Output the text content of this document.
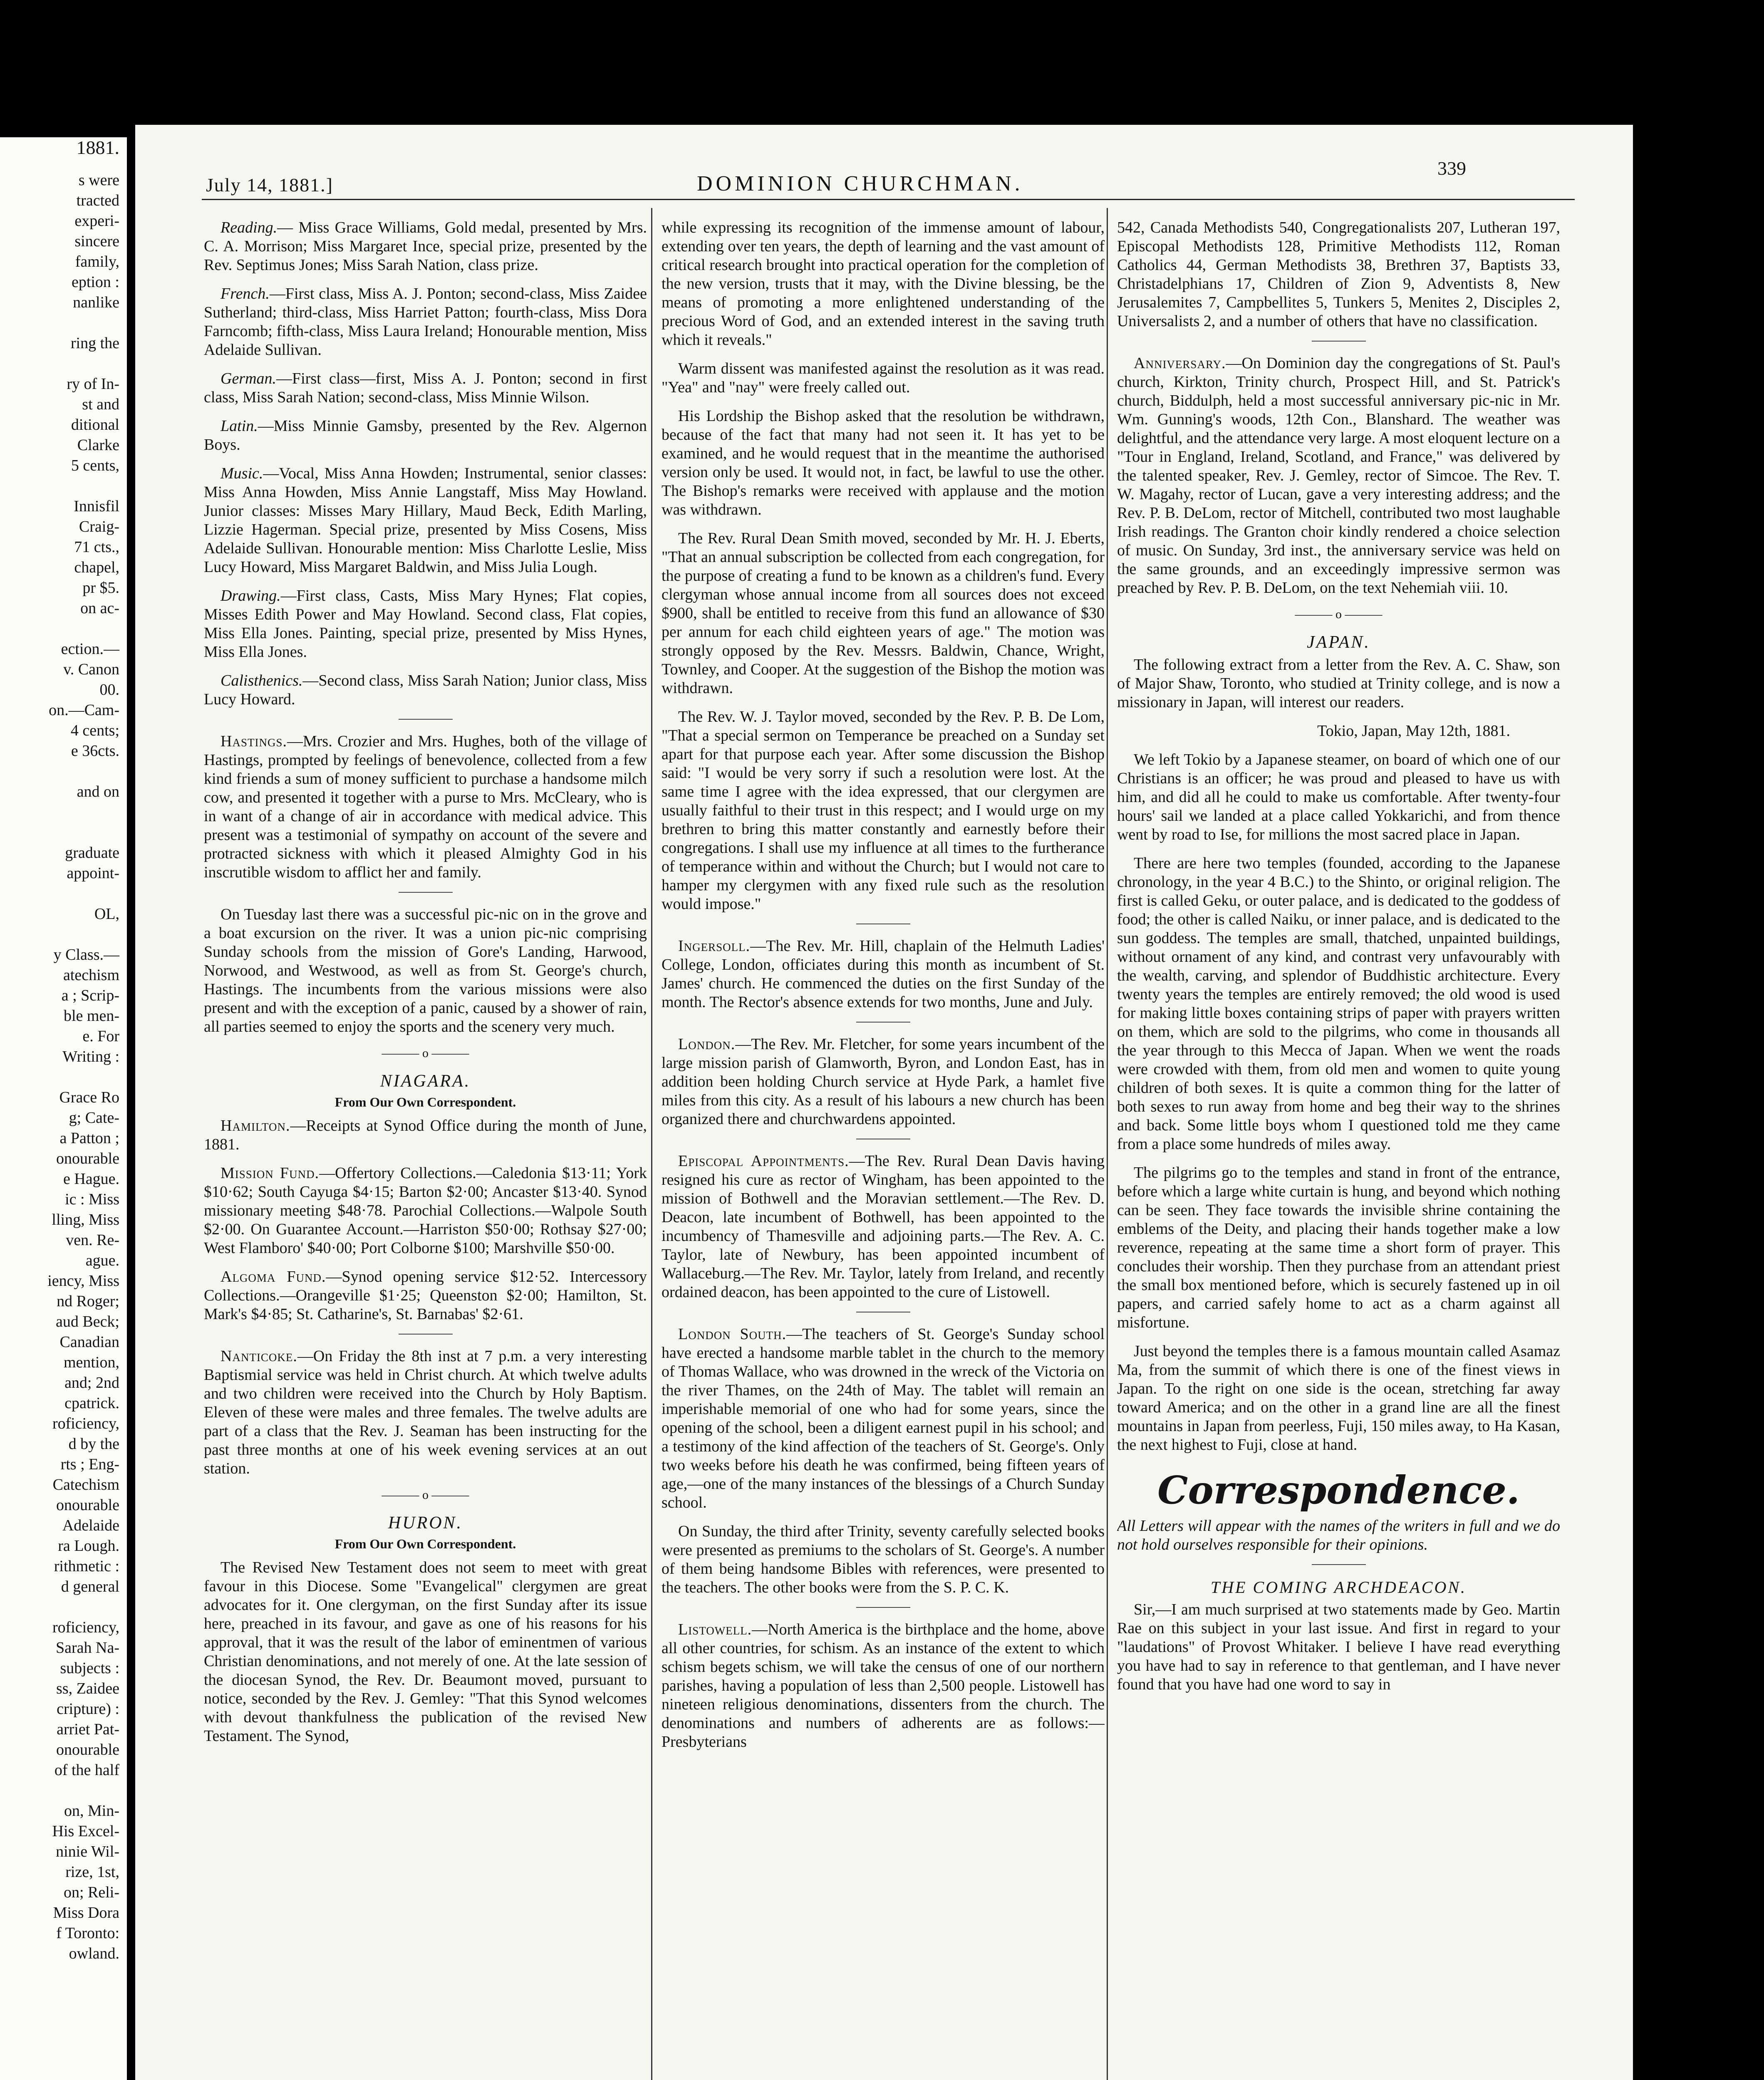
1881.

s were

tracted

experi-

sincere

family,

eption :

nanlike

ring the

ry of In-

st and

ditional

Clarke

5 cents,

Innisfil

Craig-

71 cts.,

chapel,

pr $5.

on ac-

ection.—

v. Canon

00.

on.—Cam-

4 cents;

e 36cts.

and on

graduate

appoint-

OL,

y Class.—

atechism

a ; Scrip-

ble men-

e. For

Writing :

Grace Ro

g; Cate-

a Patton ;

onourable

e Hague.

ic : Miss

lling, Miss

ven. Re-

ague.

iency, Miss

nd Roger;

aud Beck;

Canadian

mention,

and; 2nd

cpatrick.

roficiency,

d by the

rts ; Eng-

Catechism

onourable

Adelaide

ra Lough.

rithmetic :

d general

roficiency,

Sarah Na-

subjects :

ss, Zaidee

cripture) :

arriet Pat-

onourable

of the half

on, Min-

His Excel-

ninie Wil-

rize, 1st,

on; Reli-

Miss Dora

f Toronto:

owland.

July 14, 1881.]	DOMINION CHURCHMAN.
339

Reading.— Miss Grace Williams, Gold medal, presented by Mrs. C. A. Morrison; Miss Margaret Ince, special prize, presented by the Rev. Septimus Jones; Miss Sarah Nation, class prize.

French.—First class, Miss A. J. Ponton; second-class, Miss Zaidee Sutherland; third-class, Miss Harriet Patton; fourth-class, Miss Dora Farncomb; fifth-class, Miss Laura Ireland; Honourable mention, Miss Adelaide Sullivan.

German.—First class—first, Miss A. J. Ponton; second in first class, Miss Sarah Nation; second-class, Miss Minnie Wilson.

Latin.—Miss Minnie Gamsby, presented by the Rev. Algernon Boys.

Music.—Vocal, Miss Anna Howden; Instrumental, senior classes: Miss Anna Howden, Miss Annie Langstaff, Miss May Howland. Junior classes: Misses Mary Hillary, Maud Beck, Edith Marling, Lizzie Hagerman. Special prize, presented by Miss Cosens, Miss Adelaide Sullivan. Honourable mention: Miss Charlotte Leslie, Miss Lucy Howard, Miss Margaret Baldwin, and Miss Julia Lough.

Drawing.—First class, Casts, Miss Mary Hynes; Flat copies, Misses Edith Power and May Howland. Second class, Flat copies, Miss Ella Jones. Painting, special prize, presented by Miss Hynes, Miss Ella Jones.

Calisthenics.—Second class, Miss Sarah Nation; Junior class, Miss Lucy Howard.

Hastings.—Mrs. Crozier and Mrs. Hughes, both of the village of Hastings, prompted by feelings of benevolence, collected from a few kind friends a sum of money sufficient to purchase a handsome milch cow, and presented it together with a purse to Mrs. McCleary, who is in want of a change of air in accordance with medical advice. This present was a testimonial of sympathy on account of the severe and protracted sickness with which it pleased Almighty God in his inscrutible wisdom to afflict her and family.

On Tuesday last there was a successful pic-nic on in the grove and a boat excursion on the river. It was a union pic-nic comprising Sunday schools from the mission of Gore's Landing, Harwood, Norwood, and Westwood, as well as from St. George's church, Hastings. The incumbents from the various missions were also present and with the exception of a panic, caused by a shower of rain, all parties seemed to enjoy the sports and the scenery very much.

——— o ———
NIAGARA.
From Our Own Correspondent.

Hamilton.—Receipts at Synod Office during the month of June, 1881.

Mission Fund.—Offertory Collections.—Caledonia $13·11; York $10·62; South Cayuga $4·15; Barton $2·00; Ancaster $13·40. Synod missionary meeting $48·78. Parochial Collections.—Walpole South $2·00. On Guarantee Account.—Harriston $50·00; Rothsay $27·00; West Flamboro' $40·00; Port Colborne $100; Marshville $50·00.

Algoma Fund.—Synod opening service $12·52. Intercessory Collections.—Orangeville $1·25; Queenston $2·00; Hamilton, St. Mark's $4·85; St. Catharine's, St. Barnabas' $2·61.

Nanticoke.—On Friday the 8th inst at 7 p.m. a very interesting Baptismial service was held in Christ church. At which twelve adults and two children were received into the Church by Holy Baptism. Eleven of these were males and three females. The twelve adults are part of a class that the Rev. J. Seaman has been instructing for the past three months at one of his week evening services at an out station.

——— o ———
HURON.
From Our Own Correspondent.

The Revised New Testament does not seem to meet with great favour in this Diocese. Some "Evangelical" clergymen are great advocates for it. One clergyman, on the first Sunday after its issue here, preached in its favour, and gave as one of his reasons for his approval, that it was the result of the labor of eminentmen of various Christian denominations, and not merely of one. At the late session of the diocesan Synod, the Rev. Dr. Beaumont moved, pursuant to notice, seconded by the Rev. J. Gemley: "That this Synod welcomes with devout thankfulness the publication of the revised New Testament. The Synod,

while expressing its recognition of the immense amount of labour, extending over ten years, the depth of learning and the vast amount of critical research brought into practical operation for the completion of the new version, trusts that it may, with the Divine blessing, be the means of promoting a more enlightened understanding of the precious Word of God, and an extended interest in the saving truth which it reveals."

Warm dissent was manifested against the resolution as it was read. "Yea" and "nay" were freely called out.

His Lordship the Bishop asked that the resolution be withdrawn, because of the fact that many had not seen it. It has yet to be examined, and he would request that in the meantime the authorised version only be used. It would not, in fact, be lawful to use the other. The Bishop's remarks were received with applause and the motion was withdrawn.

The Rev. Rural Dean Smith moved, seconded by Mr. H. J. Eberts, "That an annual subscription be collected from each congregation, for the purpose of creating a fund to be known as a children's fund. Every clergyman whose annual income from all sources does not exceed $900, shall be entitled to receive from this fund an allowance of $30 per annum for each child eighteen years of age." The motion was strongly opposed by the Rev. Messrs. Baldwin, Chance, Wright, Townley, and Cooper. At the suggestion of the Bishop the motion was withdrawn.

The Rev. W. J. Taylor moved, seconded by the Rev. P. B. De Lom, "That a special sermon on Temperance be preached on a Sunday set apart for that purpose each year. After some discussion the Bishop said: "I would be very sorry if such a resolution were lost. At the same time I agree with the idea expressed, that our clergymen are usually faithful to their trust in this respect; and I would urge on my brethren to bring this matter constantly and earnestly before their congregations. I shall use my influence at all times to the furtherance of temperance within and without the Church; but I would not care to hamper my clergymen with any fixed rule such as the resolution would impose."

Ingersoll.—The Rev. Mr. Hill, chaplain of the Helmuth Ladies' College, London, officiates during this month as incumbent of St. James' church. He commenced the duties on the first Sunday of the month. The Rector's absence extends for two months, June and July.

London.—The Rev. Mr. Fletcher, for some years incumbent of the large mission parish of Glamworth, Byron, and London East, has in addition been holding Church service at Hyde Park, a hamlet five miles from this city. As a result of his labours a new church has been organized there and churchwardens appointed.

Episcopal Appointments.—The Rev. Rural Dean Davis having resigned his cure as rector of Wingham, has been appointed to the mission of Bothwell and the Moravian settlement.—The Rev. D. Deacon, late incumbent of Bothwell, has been appointed to the incumbency of Thamesville and adjoining parts.—The Rev. A. C. Taylor, late of Newbury, has been appointed incumbent of Wallaceburg.—The Rev. Mr. Taylor, lately from Ireland, and recently ordained deacon, has been appointed to the cure of Listowell.

London South.—The teachers of St. George's Sunday school have erected a handsome marble tablet in the church to the memory of Thomas Wallace, who was drowned in the wreck of the Victoria on the river Thames, on the 24th of May. The tablet will remain an imperishable memorial of one who had for some years, since the opening of the school, been a diligent earnest pupil in his school; and a testimony of the kind affection of the teachers of St. George's. Only two weeks before his death he was confirmed, being fifteen years of age,—one of the many instances of the blessings of a Church Sunday school.

On Sunday, the third after Trinity, seventy carefully selected books were presented as premiums to the scholars of St. George's. A number of them being handsome Bibles with references, were presented to the teachers. The other books were from the S. P. C. K.

Listowell.—North America is the birthplace and the home, above all other countries, for schism. As an instance of the extent to which schism begets schism, we will take the census of one of our northern parishes, having a population of less than 2,500 people. Listowell has nineteen religious denominations, dissenters from the church. The denominations and numbers of adherents are as follows:—Presbyterians

542, Canada Methodists 540, Congregationalists 207, Lutheran 197, Episcopal Methodists 128, Primitive Methodists 112, Roman Catholics 44, German Methodists 38, Brethren 37, Baptists 33, Christadelphians 17, Children of Zion 9, Adventists 8, New Jerusalemites 7, Campbellites 5, Tunkers 5, Menites 2, Disciples 2, Universalists 2, and a number of others that have no classification.

Anniversary.—On Dominion day the congregations of St. Paul's church, Kirkton, Trinity church, Prospect Hill, and St. Patrick's church, Biddulph, held a most successful anniversary pic-nic in Mr. Wm. Gunning's woods, 12th Con., Blanshard. The weather was delightful, and the attendance very large. A most eloquent lecture on a "Tour in England, Ireland, Scotland, and France," was delivered by the talented speaker, Rev. J. Gemley, rector of Simcoe. The Rev. T. W. Magahy, rector of Lucan, gave a very interesting address; and the Rev. P. B. DeLom, rector of Mitchell, contributed two most laughable Irish readings. The Granton choir kindly rendered a choice selection of music. On Sunday, 3rd inst., the anniversary service was held on the same grounds, and an exceedingly impressive sermon was preached by Rev. P. B. DeLom, on the text Nehemiah viii. 10.

——— o ———
JAPAN.

The following extract from a letter from the Rev. A. C. Shaw, son of Major Shaw, Toronto, who studied at Trinity college, and is now a missionary in Japan, will interest our readers.

Tokio, Japan, May 12th, 1881.

We left Tokio by a Japanese steamer, on board of which one of our Christians is an officer; he was proud and pleased to have us with him, and did all he could to make us comfortable. After twenty-four hours' sail we landed at a place called Yokkarichi, and from thence went by road to Ise, for millions the most sacred place in Japan.

There are here two temples (founded, according to the Japanese chronology, in the year 4 B.C.) to the Shinto, or original religion. The first is called Geku, or outer palace, and is dedicated to the goddess of food; the other is called Naiku, or inner palace, and is dedicated to the sun goddess. The temples are small, thatched, unpainted buildings, without ornament of any kind, and contrast very unfavourably with the wealth, carving, and splendor of Buddhistic architecture. Every twenty years the temples are entirely removed; the old wood is used for making little boxes containing strips of paper with prayers written on them, which are sold to the pilgrims, who come in thousands all the year through to this Mecca of Japan. When we went the roads were crowded with them, from old men and women to quite young children of both sexes. It is quite a common thing for the latter of both sexes to run away from home and beg their way to the shrines and back. Some little boys whom I questioned told me they came from a place some hundreds of miles away.

The pilgrims go to the temples and stand in front of the entrance, before which a large white curtain is hung, and beyond which nothing can be seen. They face towards the invisible shrine containing the emblems of the Deity, and placing their hands together make a low reverence, repeating at the same time a short form of prayer. This concludes their worship. Then they purchase from an attendant priest the small box mentioned before, which is securely fastened up in oil papers, and carried safely home to act as a charm against all misfortune.

Just beyond the temples there is a famous mountain called Asamaz Ma, from the summit of which there is one of the finest views in Japan. To the right on one side is the ocean, stretching far away toward America; and on the other in a grand line are all the finest mountains in Japan from peerless, Fuji, 150 miles away, to Ha Kasan, the next highest to Fuji, close at hand.

Correspondence.

All Letters will appear with the names of the writers in full and we do not hold ourselves responsible for their opinions.

THE COMING ARCHDEACON.

Sir,—I am much surprised at two statements made by Geo. Martin Rae on this subject in your last issue. And first in regard to your "laudations" of Provost Whitaker. I believe I have read everything you have had to say in reference to that gentleman, and I have never found that you have had one word to say in
